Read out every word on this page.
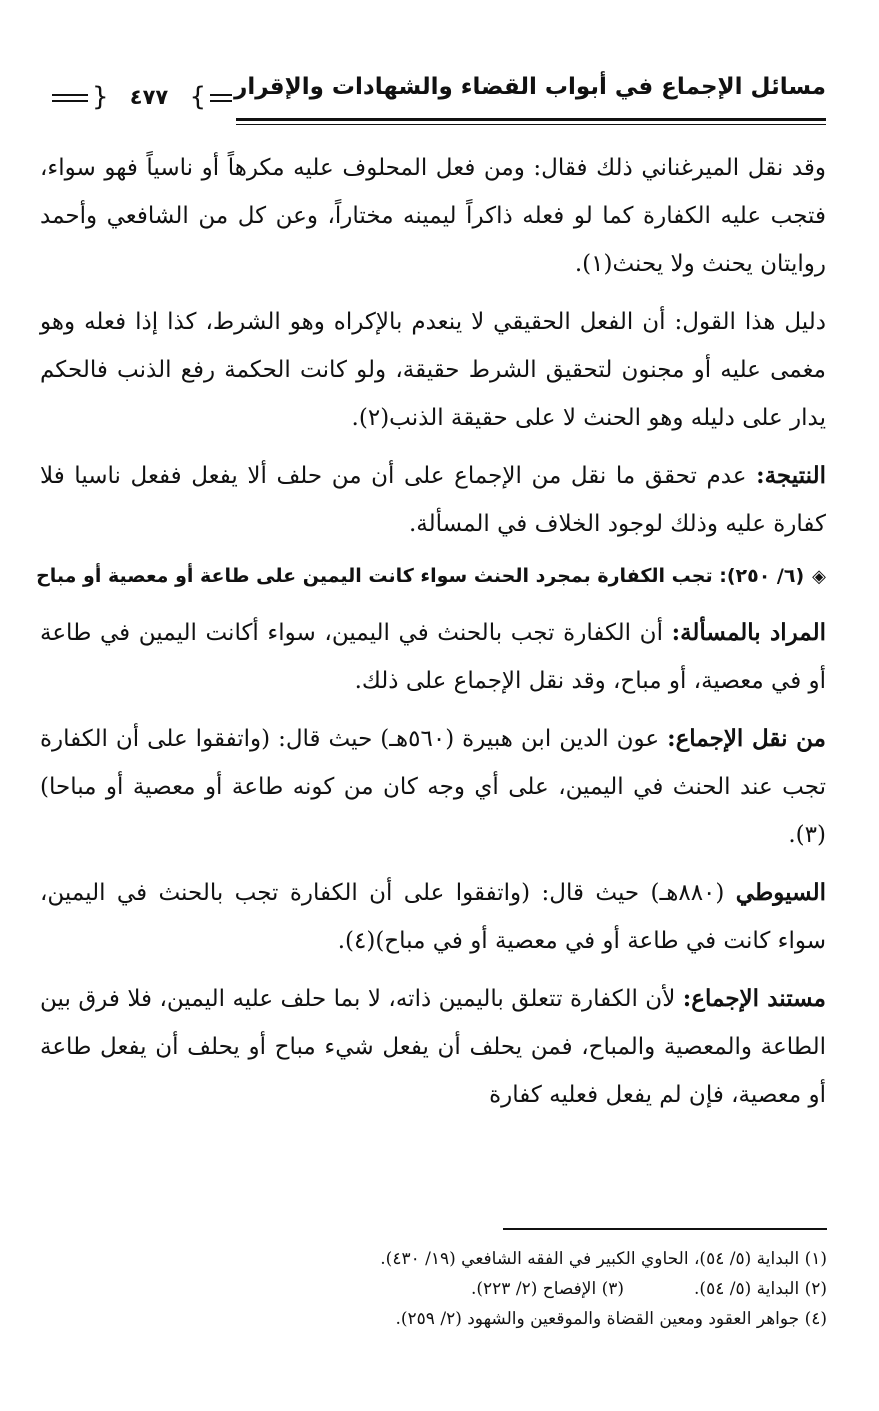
مسائل الإجماع في أبواب القضاء والشهادات والإقرار
{ ٤٧٧ }

وقد نقل الميرغناني ذلك فقال: ومن فعل المحلوف عليه مكرهاً أو ناسياً فهو سواء، فتجب عليه الكفارة كما لو فعله ذاكراً ليمينه مختاراً، وعن كل من الشافعي وأحمد روايتان يحنث ولا يحنث(١).

دليل هذا القول: أن الفعل الحقيقي لا ينعدم بالإكراه وهو الشرط، كذا إذا فعله وهو مغمى عليه أو مجنون لتحقيق الشرط حقيقة، ولو كانت الحكمة رفع الذنب فالحكم يدار على دليله وهو الحنث لا على حقيقة الذنب(٢).

النتيجة: عدم تحقق ما نقل من الإجماع على أن من حلف ألا يفعل ففعل ناسيا فلا كفارة عليه وذلك لوجود الخلاف في المسألة.

◈(٦/ ٢٥٠): تجب الكفارة بمجرد الحنث سواء كانت اليمين على طاعة أو معصية أو مباح

المراد بالمسألة: أن الكفارة تجب بالحنث في اليمين، سواء أكانت اليمين في طاعة أو في معصية، أو مباح، وقد نقل الإجماع على ذلك.

من نقل الإجماع: عون الدين ابن هبيرة (٥٦٠هـ) حيث قال: (واتفقوا على أن الكفارة تجب عند الحنث في اليمين، على أي وجه كان من كونه طاعة أو معصية أو مباحا)(٣).

السيوطي (٨٨٠هـ) حيث قال: (واتفقوا على أن الكفارة تجب بالحنث في اليمين، سواء كانت في طاعة أو في معصية أو في مباح)(٤).

مستند الإجماع: لأن الكفارة تتعلق باليمين ذاته، لا بما حلف عليه اليمين، فلا فرق بين الطاعة والمعصية والمباح، فمن يحلف أن يفعل شيء مباح أو يحلف أن يفعل طاعة أو معصية، فإن لم يفعل فعليه كفارة

(١) البداية (٥/ ٥٤)، الحاوي الكبير في الفقه الشافعي (١٩/ ٤٣٠).
(٢) البداية (٥/ ٥٤).(٣) الإفصاح (٢/ ٢٢٣).
(٤) جواهر العقود ومعين القضاة والموقعين والشهود (٢/ ٢٥٩).
